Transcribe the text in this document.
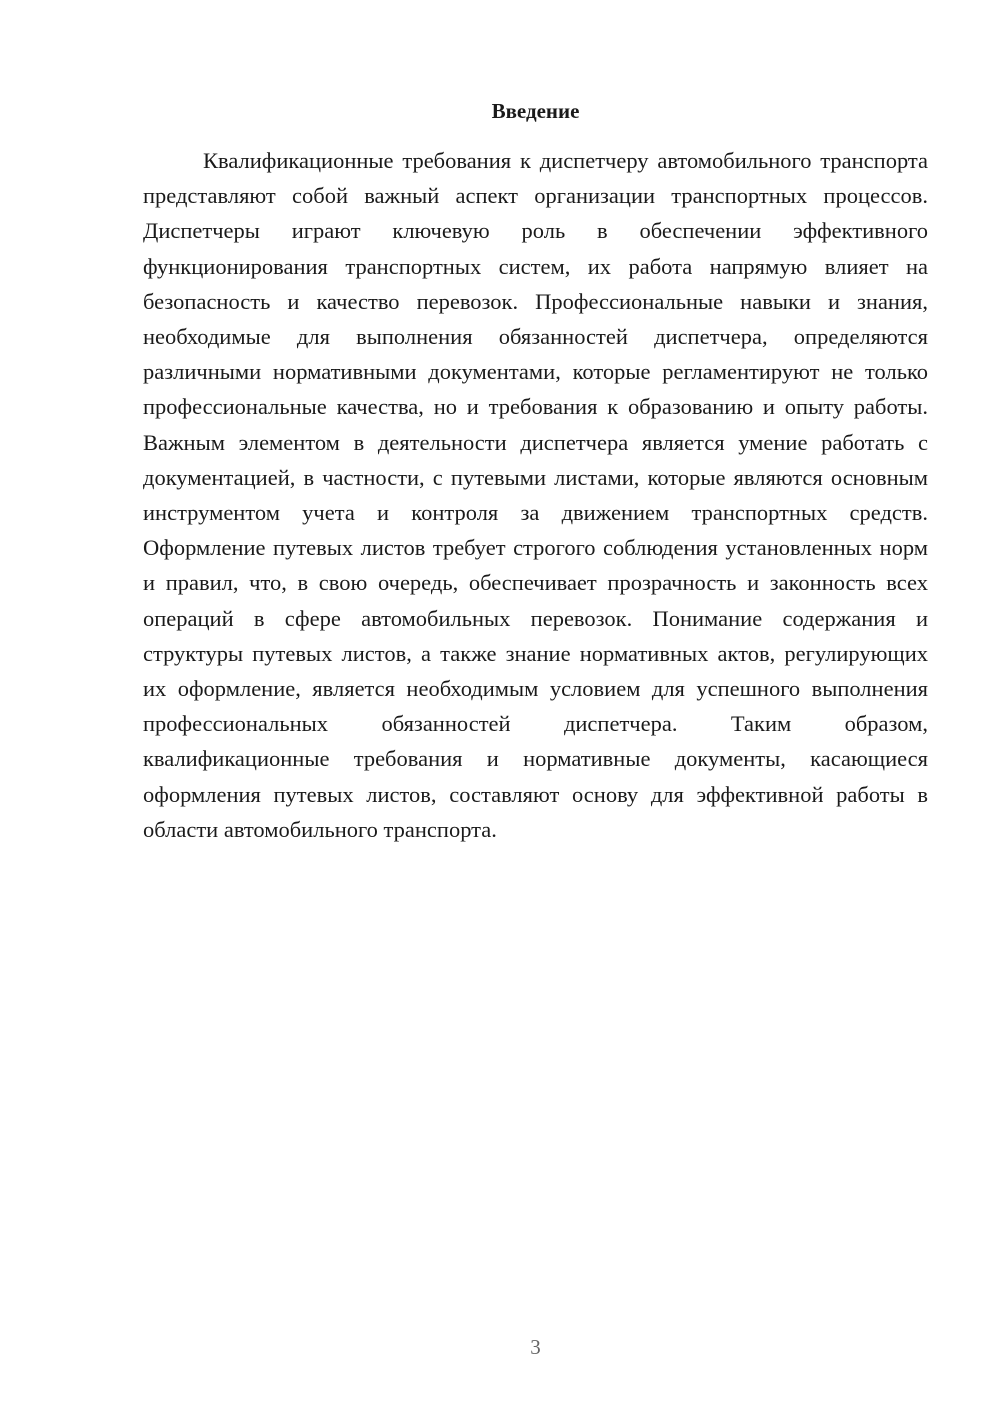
Введение

Квалификационные требования к диспетчеру автомобильного транспорта представляют собой важный аспект организации транспортных процессов. Диспетчеры играют ключевую роль в обеспечении эффективного функционирования транспортных систем, их работа напрямую влияет на безопасность и качество перевозок. Профессиональные навыки и знания, необходимые для выполнения обязанностей диспетчера, определяются различными нормативными документами, которые регламентируют не только профессиональные качества, но и требования к образованию и опыту работы. Важным элементом в деятельности диспетчера является умение работать с документацией, в частности, с путевыми листами, которые являются основным инструментом учета и контроля за движением транспортных средств. Оформление путевых листов требует строгого соблюдения установленных норм и правил, что, в свою очередь, обеспечивает прозрачность и законность всех операций в сфере автомобильных перевозок. Понимание содержания и структуры путевых листов, а также знание нормативных актов, регулирующих их оформление, является необходимым условием для успешного выполнения профессиональных обязанностей диспетчера. Таким образом, квалификационные требования и нормативные документы, касающиеся оформления путевых листов, составляют основу для эффективной работы в области автомобильного транспорта.

3
